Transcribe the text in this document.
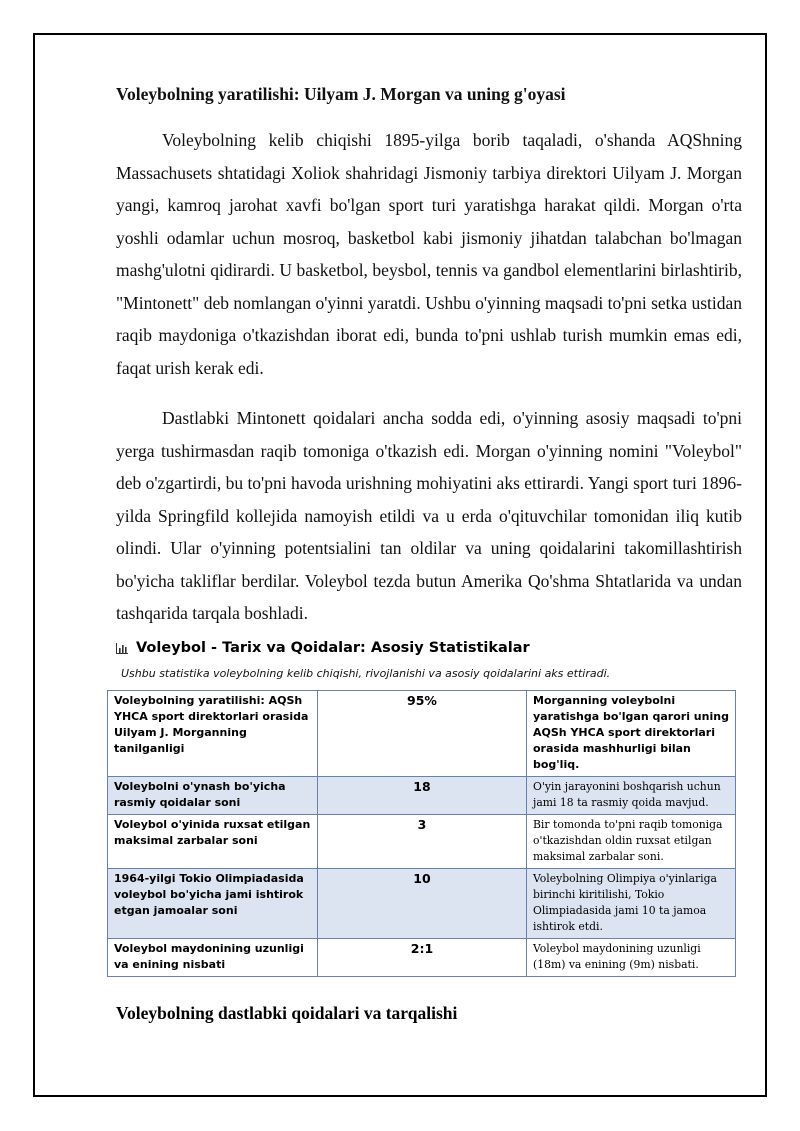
Voleybolning yaratilishi: Uilyam J. Morgan va uning g'oyasi

Voleybolning kelib chiqishi 1895-yilga borib taqaladi, o'shanda AQShning Massachusets shtatidagi Xoliok shahridagi Jismoniy tarbiya direktori Uilyam J. Morgan yangi, kamroq jarohat xavfi bo'lgan sport turi yaratishga harakat qildi. Morgan o'rta yoshli odamlar uchun mosroq, basketbol kabi jismoniy jihatdan talabchan bo'lmagan mashg'ulotni qidirardi. U basketbol, beysbol, tennis va gandbol elementlarini birlashtirib, "Mintonett" deb nomlangan o'yinni yaratdi. Ushbu o'yinning maqsadi to'pni setka ustidan raqib maydoniga o'tkazishdan iborat edi, bunda to'pni ushlab turish mumkin emas edi, faqat urish kerak edi.

Dastlabki Mintonett qoidalari ancha sodda edi, o'yinning asosiy maqsadi to'pni yerga tushirmasdan raqib tomoniga o'tkazish edi. Morgan o'yinning nomini "Voleybol" deb o'zgartirdi, bu to'pni havoda urishning mohiyatini aks ettirardi. Yangi sport turi 1896-yilda Springfild kollejida namoyish etildi va u erda o'qituvchilar tomonidan iliq kutib olindi. Ular o'yinning potentsialini tan oldilar va uning qoidalarini takomillashtirish bo'yicha takliflar berdilar. Voleybol tezda butun Amerika Qo'shma Shtatlarida va undan tashqarida tarqala boshladi.

Voleybol - Tarix va Qoidalar: Asosiy Statistikalar
Ushbu statistika voleybolning kelib chiqishi, rivojlanishi va asosiy qoidalarini aks ettiradi.
Voleybolning yaratilishi: AQSh YHCA sport direktorlari orasida Uilyam J. Morganning tanilganligi	95%	Morganning voleybolni yaratishga bo'lgan qarori uning AQSh YHCA sport direktorlari orasida mashhurligi bilan bog'liq.
Voleybolni o'ynash bo'yicha rasmiy qoidalar soni	18	O'yin jarayonini boshqarish uchun jami 18 ta rasmiy qoida mavjud.
Voleybol o'yinida ruxsat etilgan maksimal zarbalar soni	3	Bir tomonda to'pni raqib tomoniga o'tkazishdan oldin ruxsat etilgan maksimal zarbalar soni.
1964-yilgi Tokio Olimpiadasida voleybol bo'yicha jami ishtirok etgan jamoalar soni	10	Voleybolning Olimpiya o'yinlariga birinchi kiritilishi, Tokio Olimpiadasida jami 10 ta jamoa ishtirok etdi.
Voleybol maydonining uzunligi va enining nisbati	2:1	Voleybol maydonining uzunligi (18m) va enining (9m) nisbati.
Voleybolning dastlabki qoidalari va tarqalishi
